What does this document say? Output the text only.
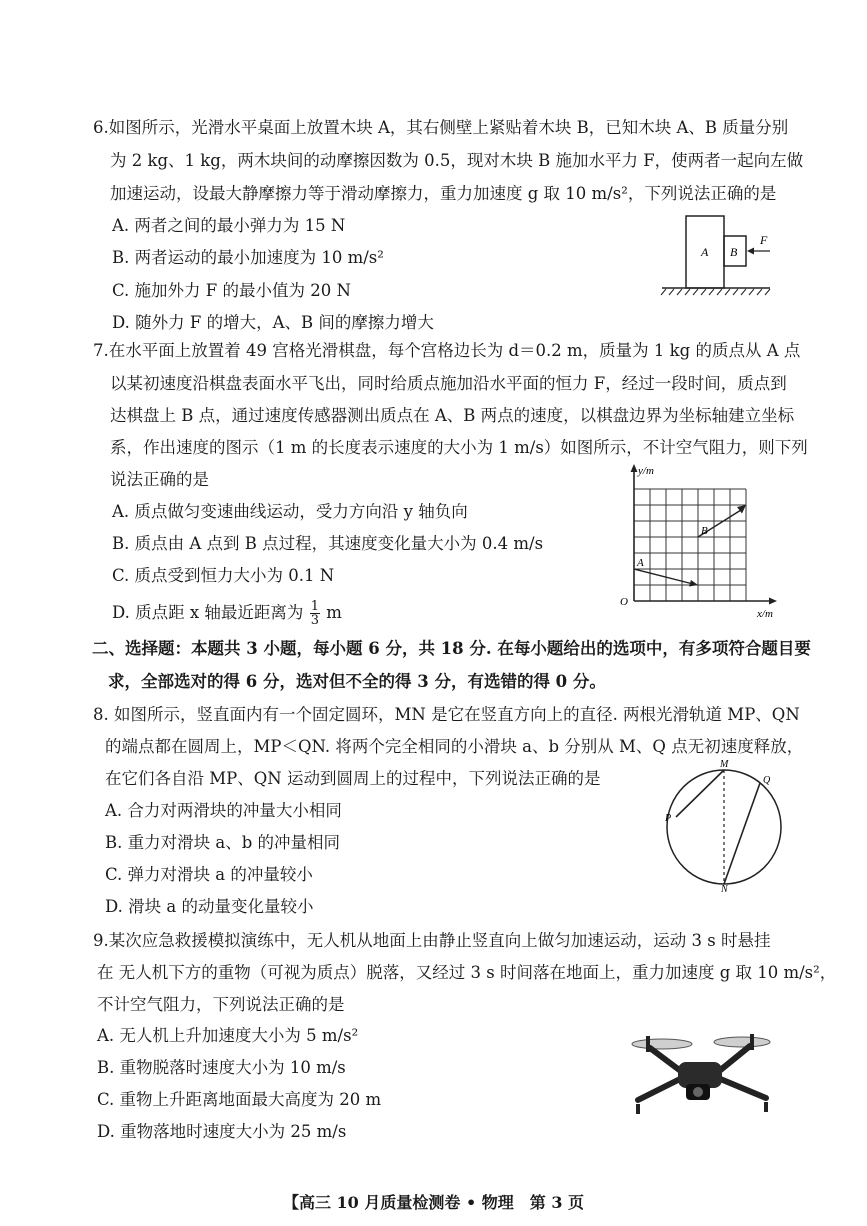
6.如图所示，光滑水平桌面上放置木块 A，其右侧壁上紧贴着木块 B，已知木块 A、B 质量分别
为 2 kg、1 kg，两木块间的动摩擦因数为 0.5，现对木块 B 施加水平力 F，使两者一起向左做
加速运动，设最大静摩擦力等于滑动摩擦力，重力加速度 g 取 10 m/s²，下列说法正确的是
A. 两者之间的最小弹力为 15 N
B. 两者运动的最小加速度为 10 m/s²
C. 施加外力 F 的最小值为 20 N
D. 随外力 F 的增大，A、B 间的摩擦力增大
A B
F
7.在水平面上放置着 49 宫格光滑棋盘，每个宫格边长为 d＝0.2 m，质量为 1 kg 的质点从 A 点
以某初速度沿棋盘表面水平飞出，同时给质点施加沿水平面的恒力 F，经过一段时间，质点到
达棋盘上 B 点，通过速度传感器测出质点在 A、B 两点的速度，以棋盘边界为坐标轴建立坐标
系，作出速度的图示（1 m 的长度表示速度的大小为 1 m/s）如图所示，不计空气阻力，则下列
说法正确的是
A. 质点做匀变速曲线运动，受力方向沿 y 轴负向
B. 质点由 A 点到 B 点过程，其速度变化量大小为 0.4 m/s
C. 质点受到恒力大小为 0.1 N
D. 质点距 x 轴最近距离为 $\frac{1}{3}$ m
y/m
x/m
O
A
B
二、选择题：本题共 3 小题，每小题 6 分，共 18 分. 在每小题给出的选项中，有多项符合题目要
求，全部选对的得 6 分，选对但不全的得 3 分，有选错的得 0 分。
8. 如图所示，竖直面内有一个固定圆环，MN 是它在竖直方向上的直径. 两根光滑轨道 MP、QN
的端点都在圆周上，MP＜QN. 将两个完全相同的小滑块 a、b 分别从 M、Q 点无初速度释放，
在它们各自沿 MP、QN 运动到圆周上的过程中，下列说法正确的是
A. 合力对两滑块的冲量大小相同
B. 重力对滑块 a、b 的冲量相同
C. 弹力对滑块 a 的冲量较小
D. 滑块 a 的动量变化量较小
M
N
P
Q
9.某次应急救援模拟演练中，无人机从地面上由静止竖直向上做匀加速运动，运动 3 s 时悬挂
在 无人机下方的重物（可视为质点）脱落，又经过 3 s 时间落在地面上，重力加速度 g 取 10 m/s²，
不计空气阻力，下列说法正确的是
A. 无人机上升加速度大小为 5 m/s²
B. 重物脱落时速度大小为 10 m/s
C. 重物上升距离地面最大高度为 20 m
D. 重物落地时速度大小为 25 m/s
【高三 10 月质量检测卷 • 物理　第 3 页
